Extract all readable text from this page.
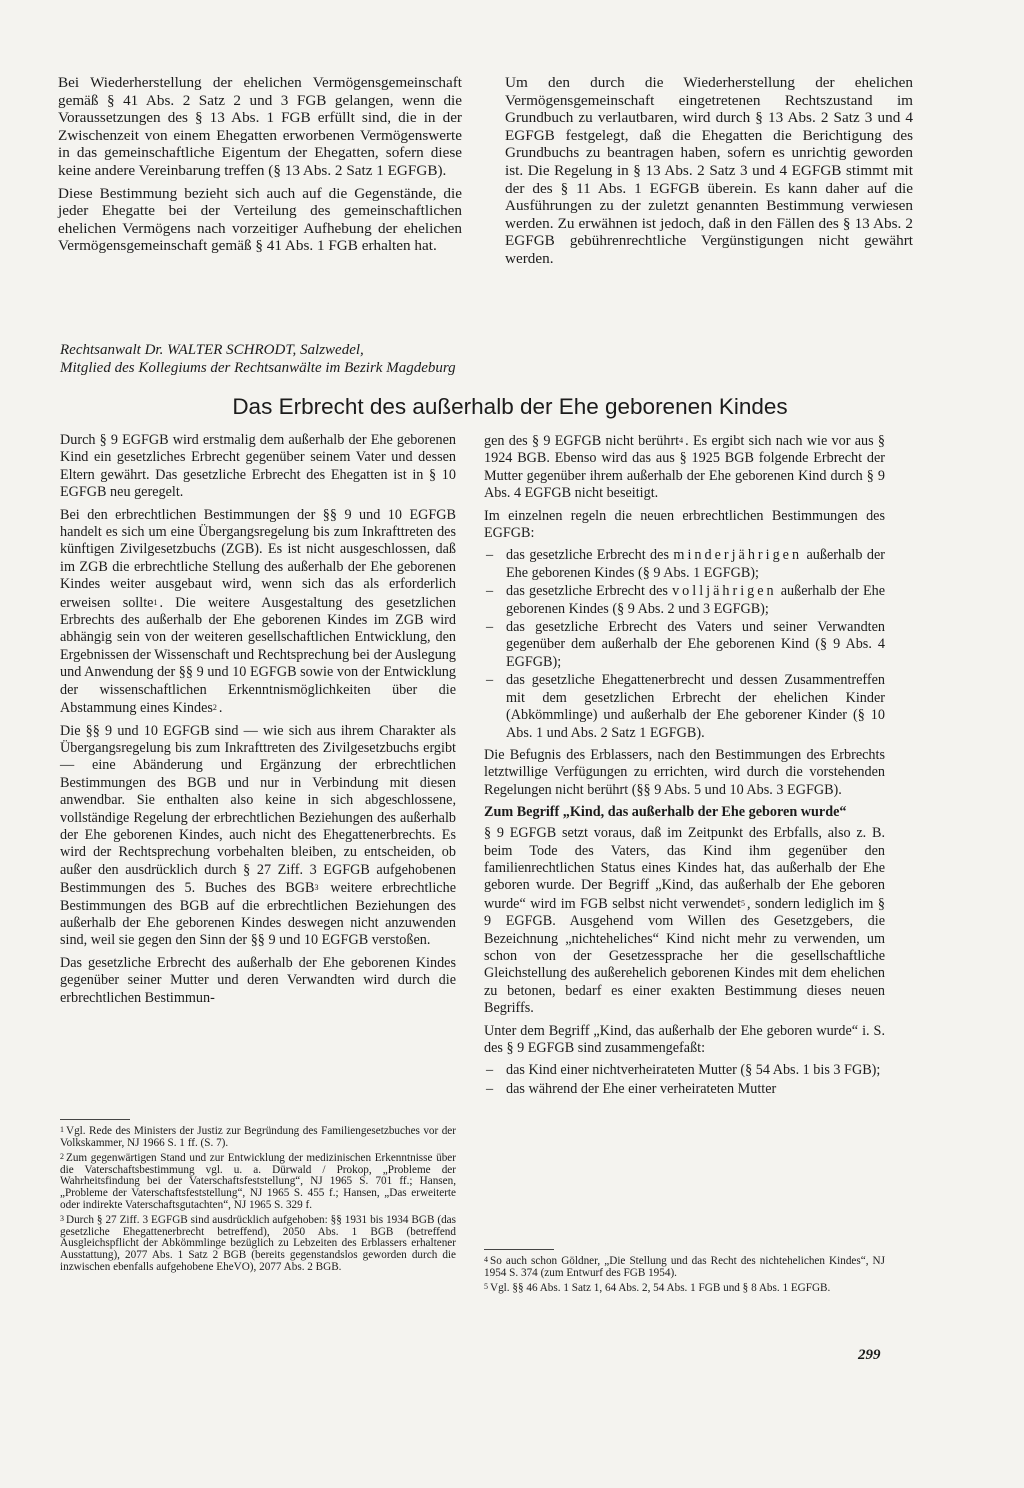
Bei Wiederherstellung der ehelichen Vermögensgemeinschaft gemäß § 41 Abs. 2 Satz 2 und 3 FGB gelangen, wenn die Voraussetzungen des § 13 Abs. 1 FGB erfüllt sind, die in der Zwischenzeit von einem Ehegatten erworbenen Vermögenswerte in das gemeinschaftliche Eigentum der Ehegatten, sofern diese keine andere Vereinbarung treffen (§ 13 Abs. 2 Satz 1 EGFGB).

Diese Bestimmung bezieht sich auch auf die Gegenstände, die jeder Ehegatte bei der Verteilung des gemeinschaftlichen ehelichen Vermögens nach vorzeitiger Aufhebung der ehelichen Vermögensgemeinschaft gemäß § 41 Abs. 1 FGB erhalten hat.

Um den durch die Wiederherstellung der ehelichen Vermögensgemeinschaft eingetretenen Rechtszustand im Grundbuch zu verlautbaren, wird durch § 13 Abs. 2 Satz 3 und 4 EGFGB festgelegt, daß die Ehegatten die Berichtigung des Grundbuchs zu beantragen haben, sofern es unrichtig geworden ist. Die Regelung in § 13 Abs. 2 Satz 3 und 4 EGFGB stimmt mit der des § 11 Abs. 1 EGFGB überein. Es kann daher auf die Ausführungen zu der zuletzt genannten Bestimmung verwiesen werden. Zu erwähnen ist jedoch, daß in den Fällen des § 13 Abs. 2 EGFGB gebührenrechtliche Vergünstigungen nicht gewährt werden.

Rechtsanwalt Dr. WALTER SCHRODT, Salzwedel,
Mitglied des Kollegiums der Rechtsanwälte im Bezirk Magdeburg
Das Erbrecht des außerhalb der Ehe geborenen Kindes

Durch § 9 EGFGB wird erstmalig dem außerhalb der Ehe geborenen Kind ein gesetzliches Erbrecht gegenüber seinem Vater und dessen Eltern gewährt. Das gesetzliche Erbrecht des Ehegatten ist in § 10 EGFGB neu geregelt.

Bei den erbrechtlichen Bestimmungen der §§ 9 und 10 EGFGB handelt es sich um eine Übergangsregelung bis zum Inkrafttreten des künftigen Zivilgesetzbuchs (ZGB). Es ist nicht ausgeschlossen, daß im ZGB die erbrechtliche Stellung des außerhalb der Ehe geborenen Kindes weiter ausgebaut wird, wenn sich das als erforderlich erweisen sollte$^1$ . Die weitere Ausgestaltung des gesetzlichen Erbrechts des außerhalb der Ehe geborenen Kindes im ZGB wird abhängig sein von der weiteren gesellschaftlichen Entwicklung, den Ergebnissen der Wissenschaft und Rechtsprechung bei der Auslegung und Anwendung der §§ 9 und 10 EGFGB sowie von der Entwicklung der wissenschaftlichen Erkenntnismöglichkeiten über die Abstammung eines Kindes$^2$ .

Die §§ 9 und 10 EGFGB sind — wie sich aus ihrem Charakter als Übergangsregelung bis zum Inkrafttreten des Zivilgesetzbuchs ergibt — eine Abänderung und Ergänzung der erbrechtlichen Bestimmungen des BGB und nur in Verbindung mit diesen anwendbar. Sie enthalten also keine in sich abgeschlossene, vollständige Regelung der erbrechtlichen Beziehungen des außerhalb der Ehe geborenen Kindes, auch nicht des Ehegattenerbrechts. Es wird der Rechtsprechung vorbehalten bleiben, zu entscheiden, ob außer den ausdrücklich durch § 27 Ziff. 3 EGFGB aufgehobenen Bestimmungen des 5. Buches des BGB$^3$ weitere erbrechtliche Bestimmungen des BGB auf die erbrechtlichen Beziehungen des außerhalb der Ehe geborenen Kindes deswegen nicht anzuwenden sind, weil sie gegen den Sinn der §§ 9 und 10 EGFGB verstoßen.

Das gesetzliche Erbrecht des außerhalb der Ehe geborenen Kindes gegenüber seiner Mutter und deren Verwandten wird durch die erbrechtlichen Bestimmun-

gen des § 9 EGFGB nicht berührt$^4$ . Es ergibt sich nach wie vor aus § 1924 BGB. Ebenso wird das aus § 1925 BGB folgende Erbrecht der Mutter gegenüber ihrem außerhalb der Ehe geborenen Kind durch § 9 Abs. 4 EGFGB nicht beseitigt.

Im einzelnen regeln die neuen erbrechtlichen Bestimmungen des EGFGB:

– das gesetzliche Erbrecht des minderjährigen außerhalb der Ehe geborenen Kindes (§ 9 Abs. 1 EGFGB);
– das gesetzliche Erbrecht des volljährigen außerhalb der Ehe geborenen Kindes (§ 9 Abs. 2 und 3 EGFGB);
– das gesetzliche Erbrecht des Vaters und seiner Verwandten gegenüber dem außerhalb der Ehe geborenen Kind (§ 9 Abs. 4 EGFGB);
– das gesetzliche Ehegattenerbrecht und dessen Zusammentreffen mit dem gesetzlichen Erbrecht der ehelichen Kinder (Abkömmlinge) und außerhalb der Ehe geborener Kinder (§ 10 Abs. 1 und Abs. 2 Satz 1 EGFGB).

Die Befugnis des Erblassers, nach den Bestimmungen des Erbrechts letztwillige Verfügungen zu errichten, wird durch die vorstehenden Regelungen nicht berührt (§§ 9 Abs. 5 und 10 Abs. 3 EGFGB).

Zum Begriff „Kind, das außerhalb der Ehe geboren wurde“

§ 9 EGFGB setzt voraus, daß im Zeitpunkt des Erbfalls, also z. B. beim Tode des Vaters, das Kind ihm gegenüber den familienrechtlichen Status eines Kindes hat, das außerhalb der Ehe geboren wurde. Der Begriff „Kind, das außerhalb der Ehe geboren wurde“ wird im FGB selbst nicht verwendet$^5$ , sondern lediglich im § 9 EGFGB. Ausgehend vom Willen des Gesetzgebers, die Bezeichnung „nichteheliches“ Kind nicht mehr zu verwenden, um schon von der Gesetzessprache her die gesellschaftliche Gleichstellung des außerehelich geborenen Kindes mit dem ehelichen zu betonen, bedarf es einer exakten Bestimmung dieses neuen Begriffs.

Unter dem Begriff „Kind, das außerhalb der Ehe geboren wurde“ i. S. des § 9 EGFGB sind zusammengefaßt:

– das Kind einer nichtverheirateten Mutter (§ 54 Abs. 1 bis 3 FGB);
– das während der Ehe einer verheirateten Mutter

$^1$ Vgl. Rede des Ministers der Justiz zur Begründung des Familiengesetzbuches vor der Volkskammer, NJ 1966 S. 1 ff. (S. 7).

$^2$ Zum gegenwärtigen Stand und zur Entwicklung der medizinischen Erkenntnisse über die Vaterschaftsbestimmung vgl. u. a. Dürwald / Prokop, „Probleme der Wahrheitsfindung bei der Vaterschaftsfeststellung“, NJ 1965 S. 701 ff.; Hansen, „Probleme der Vaterschaftsfeststellung“, NJ 1965 S. 455 f.; Hansen, „Das erweiterte oder indirekte Vaterschaftsgutachten“, NJ 1965 S. 329 f.

$^3$ Durch § 27 Ziff. 3 EGFGB sind ausdrücklich aufgehoben: §§ 1931 bis 1934 BGB (das gesetzliche Ehegattenerbrecht betreffend), 2050 Abs. 1 BGB (betreffend Ausgleichspflicht der Abkömmlinge bezüglich zu Lebzeiten des Erblassers erhaltener Ausstattung), 2077 Abs. 1 Satz 2 BGB (bereits gegenstandslos geworden durch die inzwischen ebenfalls aufgehobene EheVO), 2077 Abs. 2 BGB.

$^4$ So auch schon Göldner, „Die Stellung und das Recht des nichtehelichen Kindes“, NJ 1954 S. 374 (zum Entwurf des FGB 1954).

$^5$ Vgl. §§ 46 Abs. 1 Satz 1, 64 Abs. 2, 54 Abs. 1 FGB und § 8 Abs. 1 EGFGB.

299
